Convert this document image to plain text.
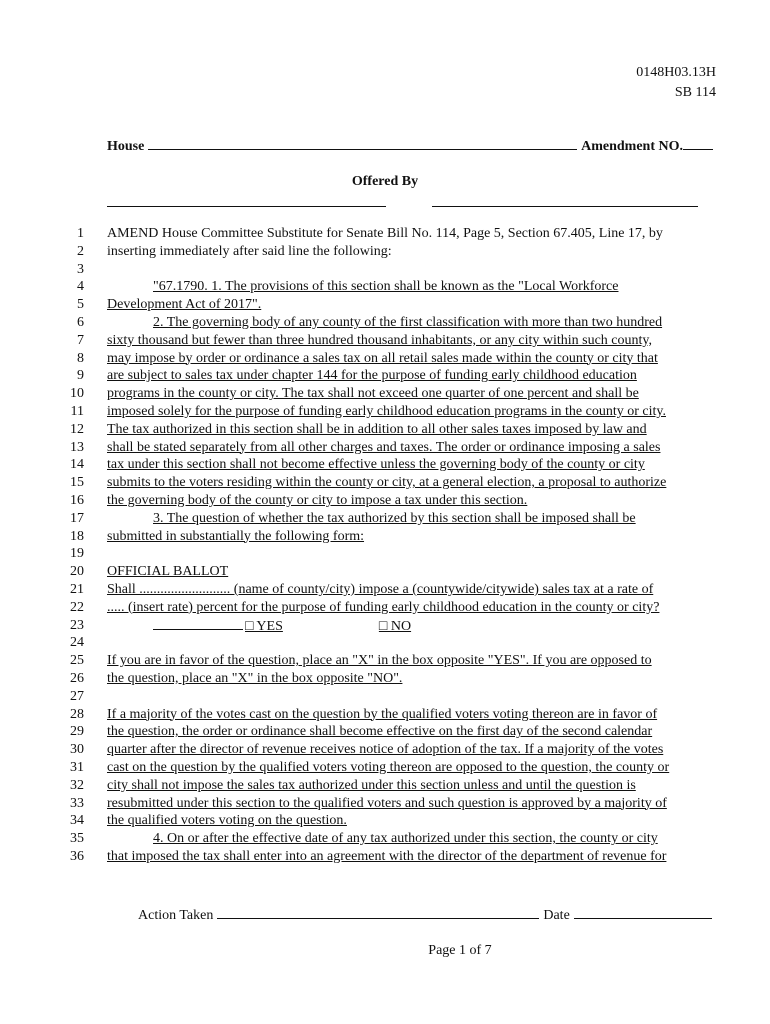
0148H03.13H
SB 114
House	Amendment NO.
Offered By
1 AMEND House Committee Substitute for Senate Bill No. 114, Page 5, Section 67.405, Line 17, by
2 inserting immediately after said line the following:
3
4	"67.1790. 1. The provisions of this section shall be known as the "Local Workforce
5 Development Act of 2017".
6	2. The governing body of any county of the first classification with more than two hundred
7 sixty thousand but fewer than three hundred thousand inhabitants, or any city within such county,
8 may impose by order or ordinance a sales tax on all retail sales made within the county or city that
9 are subject to sales tax under chapter 144 for the purpose of funding early childhood education
10 programs in the county or city. The tax shall not exceed one quarter of one percent and shall be
11 imposed solely for the purpose of funding early childhood education programs in the county or city.
12 The tax authorized in this section shall be in addition to all other sales taxes imposed by law and
13 shall be stated separately from all other charges and taxes. The order or ordinance imposing a sales
14 tax under this section shall not become effective unless the governing body of the county or city
15 submits to the voters residing within the county or city, at a general election, a proposal to authorize
16 the governing body of the county or city to impose a tax under this section.
17	3. The question of whether the tax authorized by this section shall be imposed shall be
18 submitted in substantially the following form:
19
20 OFFICIAL BALLOT
21 Shall .......................... (name of county/city) impose a (countywide/citywide) sales tax at a rate of
22 ..... (insert rate) percent for the purpose of funding early childhood education in the county or city?
23	□ YES	□ NO
24
25 If you are in favor of the question, place an "X" in the box opposite "YES". If you are opposed to
26 the question, place an "X" in the box opposite "NO".
27
28 If a majority of the votes cast on the question by the qualified voters voting thereon are in favor of
29 the question, the order or ordinance shall become effective on the first day of the second calendar
30 quarter after the director of revenue receives notice of adoption of the tax. If a majority of the votes
31 cast on the question by the qualified voters voting thereon are opposed to the question, the county or
32 city shall not impose the sales tax authorized under this section unless and until the question is
33 resubmitted under this section to the qualified voters and such question is approved by a majority of
34 the qualified voters voting on the question.
35	4. On or after the effective date of any tax authorized under this section, the county or city
36 that imposed the tax shall enter into an agreement with the director of the department of revenue for
Action Taken	Date
Page 1 of 7
